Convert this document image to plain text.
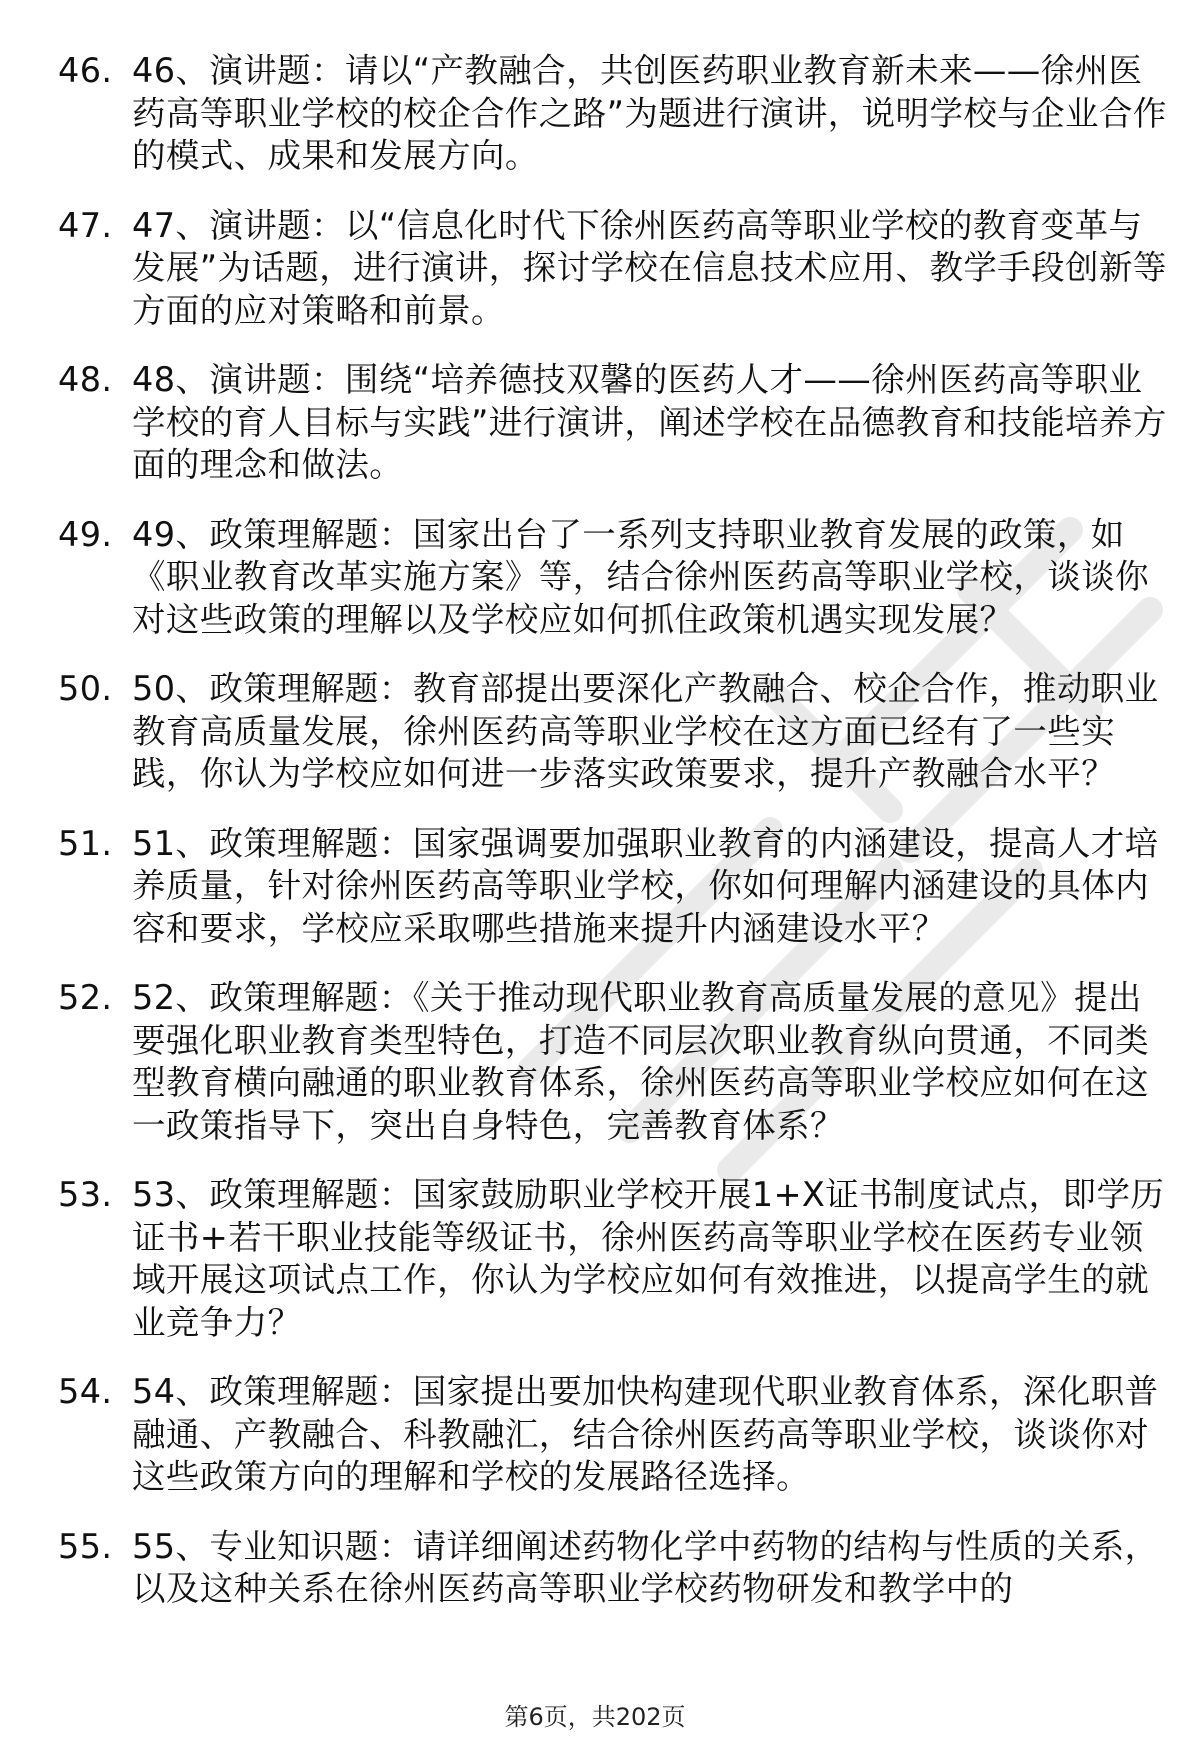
46. 46、演讲题：请以“产教融合，共创医药职业教育新未来——徐州医药高等职业学校的校企合作之路”为题进行演讲，说明学校与企业合作的模式、成果和发展方向。
47. 47、演讲题：以“信息化时代下徐州医药高等职业学校的教育变革与发展”为话题，进行演讲，探讨学校在信息技术应用、教学手段创新等方面的应对策略和前景。
48. 48、演讲题：围绕“培养德技双馨的医药人才——徐州医药高等职业学校的育人目标与实践”进行演讲，阐述学校在品德教育和技能培养方面的理念和做法。
49. 49、政策理解题：国家出台了一系列支持职业教育发展的政策，如《职业教育改革实施方案》等，结合徐州医药高等职业学校，谈谈你对这些政策的理解以及学校应如何抓住政策机遇实现发展？
50. 50、政策理解题：教育部提出要深化产教融合、校企合作，推动职业教育高质量发展，徐州医药高等职业学校在这方面已经有了一些实践，你认为学校应如何进一步落实政策要求，提升产教融合水平？
51. 51、政策理解题：国家强调要加强职业教育的内涵建设，提高人才培养质量，针对徐州医药高等职业学校，你如何理解内涵建设的具体内容和要求，学校应采取哪些措施来提升内涵建设水平？
52. 52、政策理解题：《关于推动现代职业教育高质量发展的意见》提出要强化职业教育类型特色，打造不同层次职业教育纵向贯通，不同类型教育横向融通的职业教育体系，徐州医药高等职业学校应如何在这一政策指导下，突出自身特色，完善教育体系？
53. 53、政策理解题：国家鼓励职业学校开展1+X证书制度试点，即学历证书+若干职业技能等级证书，徐州医药高等职业学校在医药专业领域开展这项试点工作，你认为学校应如何有效推进，以提高学生的就业竞争力？
54. 54、政策理解题：国家提出要加快构建现代职业教育体系，深化职普融通、产教融合、科教融汇，结合徐州医药高等职业学校，谈谈你对这些政策方向的理解和学校的发展路径选择。
55. 55、专业知识题：请详细阐述药物化学中药物的结构与性质的关系，以及这种关系在徐州医药高等职业学校药物研发和教学中的
第6页，共202页
